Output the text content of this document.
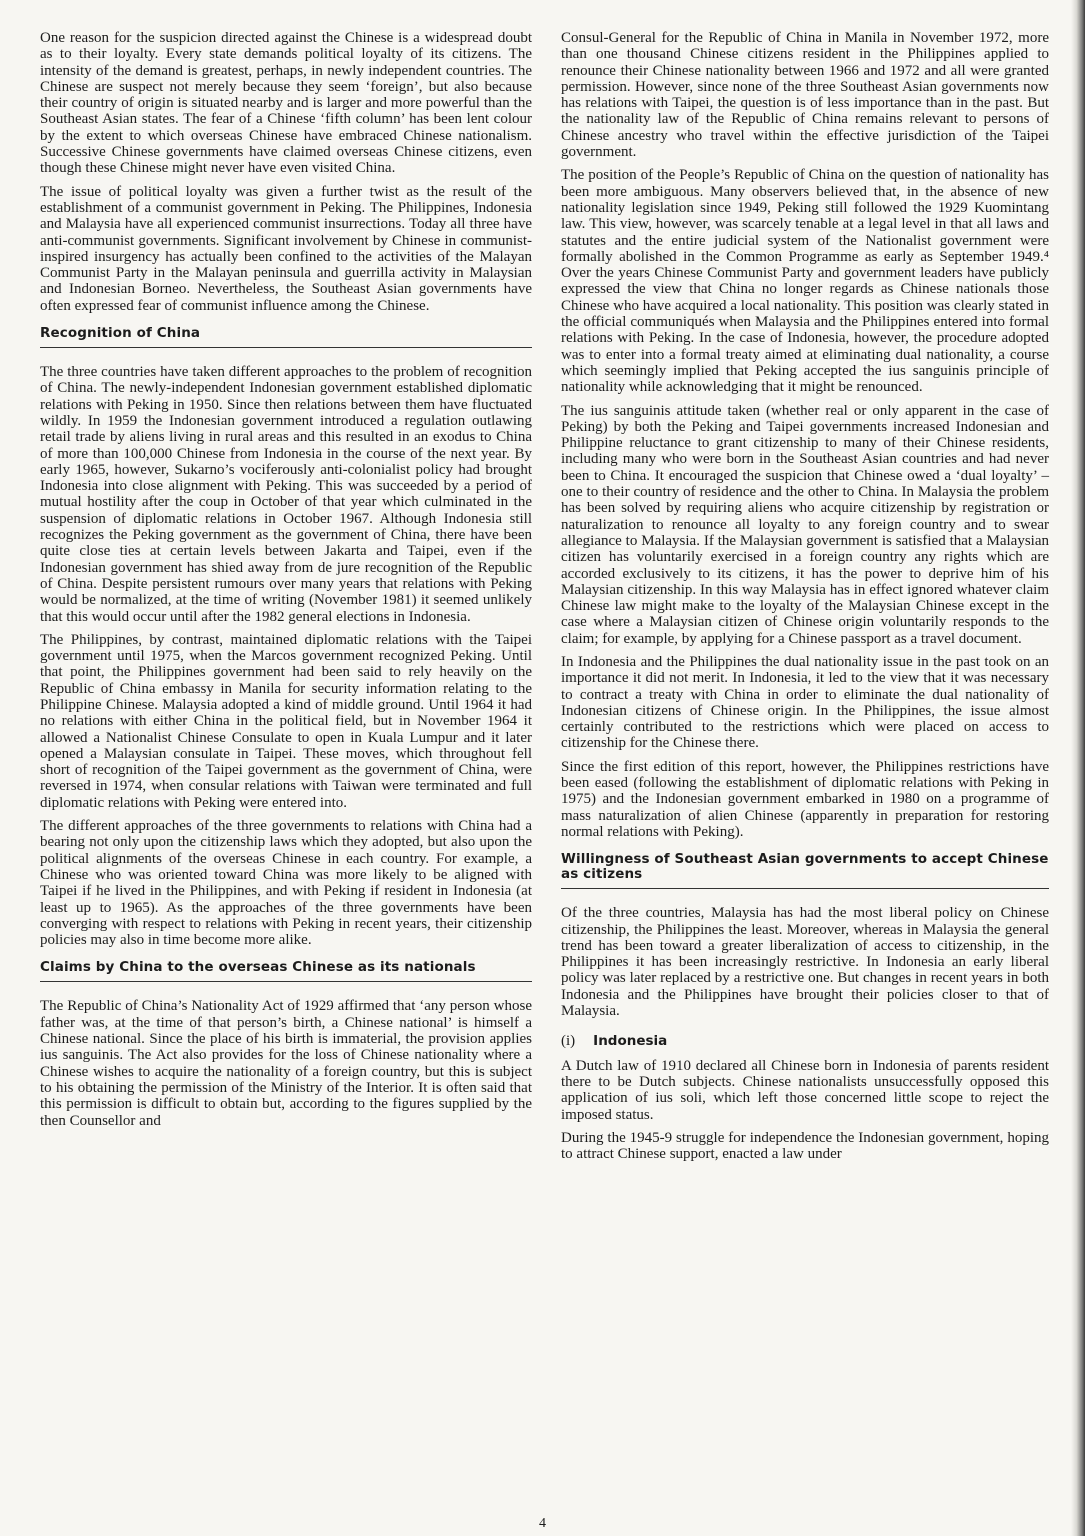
One reason for the suspicion directed against the Chinese is a widespread doubt as to their loyalty. Every state demands political loyalty of its citizens. The intensity of the demand is greatest, perhaps, in newly independent countries. The Chinese are suspect not merely because they seem ‘foreign’, but also because their country of origin is situated nearby and is larger and more powerful than the Southeast Asian states. The fear of a Chinese ‘fifth column’ has been lent colour by the extent to which overseas Chinese have embraced Chinese nationalism. Successive Chinese governments have claimed overseas Chinese citizens, even though these Chinese might never have even visited China.

The issue of political loyalty was given a further twist as the result of the establishment of a communist government in Peking. The Philippines, Indonesia and Malaysia have all experienced communist insurrections. Today all three have anti-communist governments. Significant involvement by Chinese in communist-inspired insurgency has actually been confined to the activities of the Malayan Communist Party in the Malayan peninsula and guerrilla activity in Malaysian and Indonesian Borneo. Nevertheless, the Southeast Asian governments have often expressed fear of communist influence among the Chinese.

Recognition of China

The three countries have taken different approaches to the problem of recognition of China. The newly-independent Indonesian government established diplomatic relations with Peking in 1950. Since then relations between them have fluctuated wildly. In 1959 the Indonesian government introduced a regulation outlawing retail trade by aliens living in rural areas and this resulted in an exodus to China of more than 100,000 Chinese from Indonesia in the course of the next year. By early 1965, however, Sukarno’s vociferously anti-colonialist policy had brought Indonesia into close alignment with Peking. This was succeeded by a period of mutual hostility after the coup in October of that year which culminated in the suspension of diplomatic relations in October 1967. Although Indonesia still recognizes the Peking government as the government of China, there have been quite close ties at certain levels between Jakarta and Taipei, even if the Indonesian government has shied away from de jure recognition of the Republic of China. Despite persistent rumours over many years that relations with Peking would be normalized, at the time of writing (November 1981) it seemed unlikely that this would occur until after the 1982 general elections in Indonesia.

The Philippines, by contrast, maintained diplomatic relations with the Taipei government until 1975, when the Marcos government recognized Peking. Until that point, the Philippines government had been said to rely heavily on the Republic of China embassy in Manila for security information relating to the Philippine Chinese. Malaysia adopted a kind of middle ground. Until 1964 it had no relations with either China in the political field, but in November 1964 it allowed a Nationalist Chinese Consulate to open in Kuala Lumpur and it later opened a Malaysian consulate in Taipei. These moves, which throughout fell short of recognition of the Taipei government as the government of China, were reversed in 1974, when consular relations with Taiwan were terminated and full diplomatic relations with Peking were entered into.

The different approaches of the three governments to relations with China had a bearing not only upon the citizenship laws which they adopted, but also upon the political alignments of the overseas Chinese in each country. For example, a Chinese who was oriented toward China was more likely to be aligned with Taipei if he lived in the Philippines, and with Peking if resident in Indonesia (at least up to 1965). As the approaches of the three governments have been converging with respect to relations with Peking in recent years, their citizenship policies may also in time become more alike.

Claims by China to the overseas Chinese as its nationals

The Republic of China’s Nationality Act of 1929 affirmed that ‘any person whose father was, at the time of that person’s birth, a Chinese national’ is himself a Chinese national. Since the place of his birth is immaterial, the provision applies ius sanguinis. The Act also provides for the loss of Chinese nationality where a Chinese wishes to acquire the nationality of a foreign country, but this is subject to his obtaining the permission of the Ministry of the Interior. It is often said that this permission is difficult to obtain but, according to the figures supplied by the then Counsellor and

Consul-General for the Republic of China in Manila in November 1972, more than one thousand Chinese citizens resident in the Philippines applied to renounce their Chinese nationality between 1966 and 1972 and all were granted permission. However, since none of the three Southeast Asian governments now has relations with Taipei, the question is of less importance than in the past. But the nationality law of the Republic of China remains relevant to persons of Chinese ancestry who travel within the effective jurisdiction of the Taipei government.

The position of the People’s Republic of China on the question of nationality has been more ambiguous. Many observers believed that, in the absence of new nationality legislation since 1949, Peking still followed the 1929 Kuomintang law. This view, however, was scarcely tenable at a legal level in that all laws and statutes and the entire judicial system of the Nationalist government were formally abolished in the Common Programme as early as September 1949.⁴ Over the years Chinese Communist Party and government leaders have publicly expressed the view that China no longer regards as Chinese nationals those Chinese who have acquired a local nationality. This position was clearly stated in the official communiqués when Malaysia and the Philippines entered into formal relations with Peking. In the case of Indonesia, however, the procedure adopted was to enter into a formal treaty aimed at eliminating dual nationality, a course which seemingly implied that Peking accepted the ius sanguinis principle of nationality while acknowledging that it might be renounced.

The ius sanguinis attitude taken (whether real or only apparent in the case of Peking) by both the Peking and Taipei governments increased Indonesian and Philippine reluctance to grant citizenship to many of their Chinese residents, including many who were born in the Southeast Asian countries and had never been to China. It encouraged the suspicion that Chinese owed a ‘dual loyalty’ – one to their country of residence and the other to China. In Malaysia the problem has been solved by requiring aliens who acquire citizenship by registration or naturalization to renounce all loyalty to any foreign country and to swear allegiance to Malaysia. If the Malaysian government is satisfied that a Malaysian citizen has voluntarily exercised in a foreign country any rights which are accorded exclusively to its citizens, it has the power to deprive him of his Malaysian citizenship. In this way Malaysia has in effect ignored whatever claim Chinese law might make to the loyalty of the Malaysian Chinese except in the case where a Malaysian citizen of Chinese origin voluntarily responds to the claim; for example, by applying for a Chinese passport as a travel document.

In Indonesia and the Philippines the dual nationality issue in the past took on an importance it did not merit. In Indonesia, it led to the view that it was necessary to contract a treaty with China in order to eliminate the dual nationality of Indonesian citizens of Chinese origin. In the Philippines, the issue almost certainly contributed to the restrictions which were placed on access to citizenship for the Chinese there.

Since the first edition of this report, however, the Philippines restrictions have been eased (following the establishment of diplomatic relations with Peking in 1975) and the Indonesian government embarked in 1980 on a programme of mass naturalization of alien Chinese (apparently in preparation for restoring normal relations with Peking).

Willingness of Southeast Asian governments to accept Chinese as citizens

Of the three countries, Malaysia has had the most liberal policy on Chinese citizenship, the Philippines the least. Moreover, whereas in Malaysia the general trend has been toward a greater liberalization of access to citizenship, in the Philippines it has been increasingly restrictive. In Indonesia an early liberal policy was later replaced by a restrictive one. But changes in recent years in both Indonesia and the Philippines have brought their policies closer to that of Malaysia.

(i) Indonesia

A Dutch law of 1910 declared all Chinese born in Indonesia of parents resident there to be Dutch subjects. Chinese nationalists unsuccessfully opposed this application of ius soli, which left those concerned little scope to reject the imposed status.

During the 1945-9 struggle for independence the Indonesian government, hoping to attract Chinese support, enacted a law under

4
